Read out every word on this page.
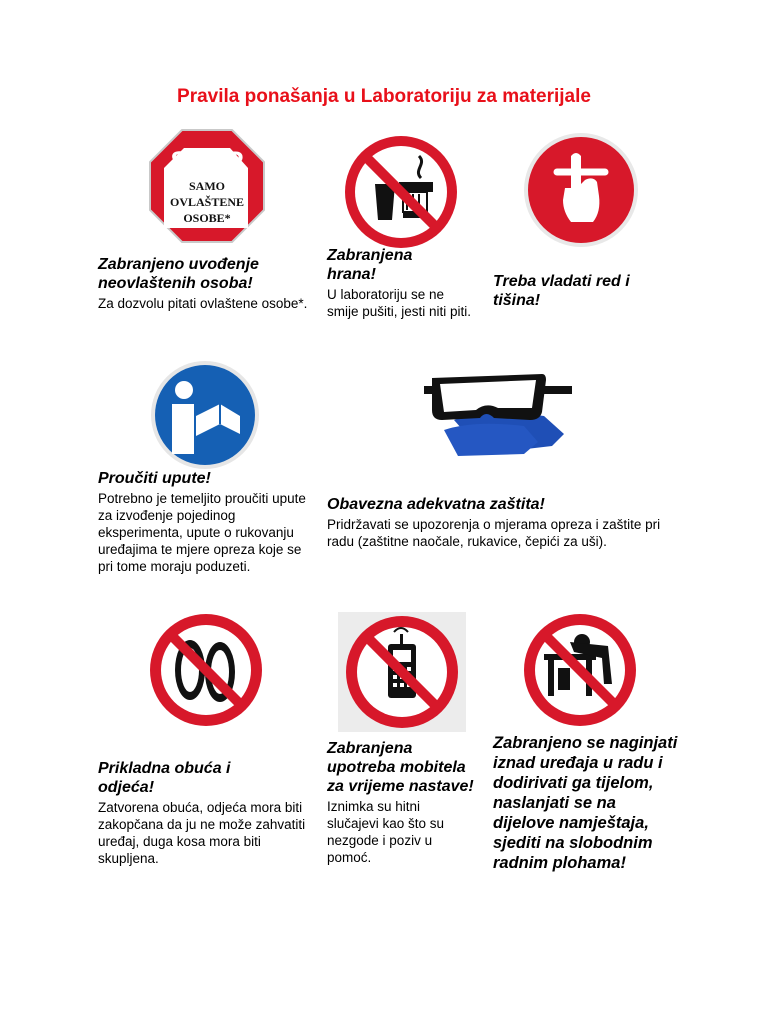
Pravila ponašanja u Laboratoriju za materijale
STOP
SAMO
OVLAŠTENE
OSOBE*

Zabranjeno uvođenje neovlaštenih osoba!

Za dozvolu pitati ovlaštene osobe*.

Zabranjena hrana!

U laboratoriju se ne smije pušiti, jesti niti piti.

Treba vladati red i tišina!

Proučiti upute!

Potrebno je temeljito proučiti upute za izvođenje pojedinog eksperimenta, upute o rukovanju uređajima te mjere opreza koje se pri tome moraju poduzeti.

Obavezna adekvatna zaštita!

Pridržavati se upozorenja o mjerama opreza i zaštite pri radu (zaštitne naočale, rukavice, čepići za uši).

Prikladna obuća i odjeća!

Zatvorena obuća, odjeća mora biti zakopčana da ju ne može zahvatiti uređaj, duga kosa mora biti skupljena.

Zabranjena upotreba mobitela za vrijeme nastave!

Iznimka su hitni slučajevi kao što su nezgode i poziv u pomoć.

Zabranjeno se naginjati iznad uređaja u radu i dodirivati ga tijelom, naslanjati se na dijelove namještaja, sjediti na slobodnim radnim plohama!
